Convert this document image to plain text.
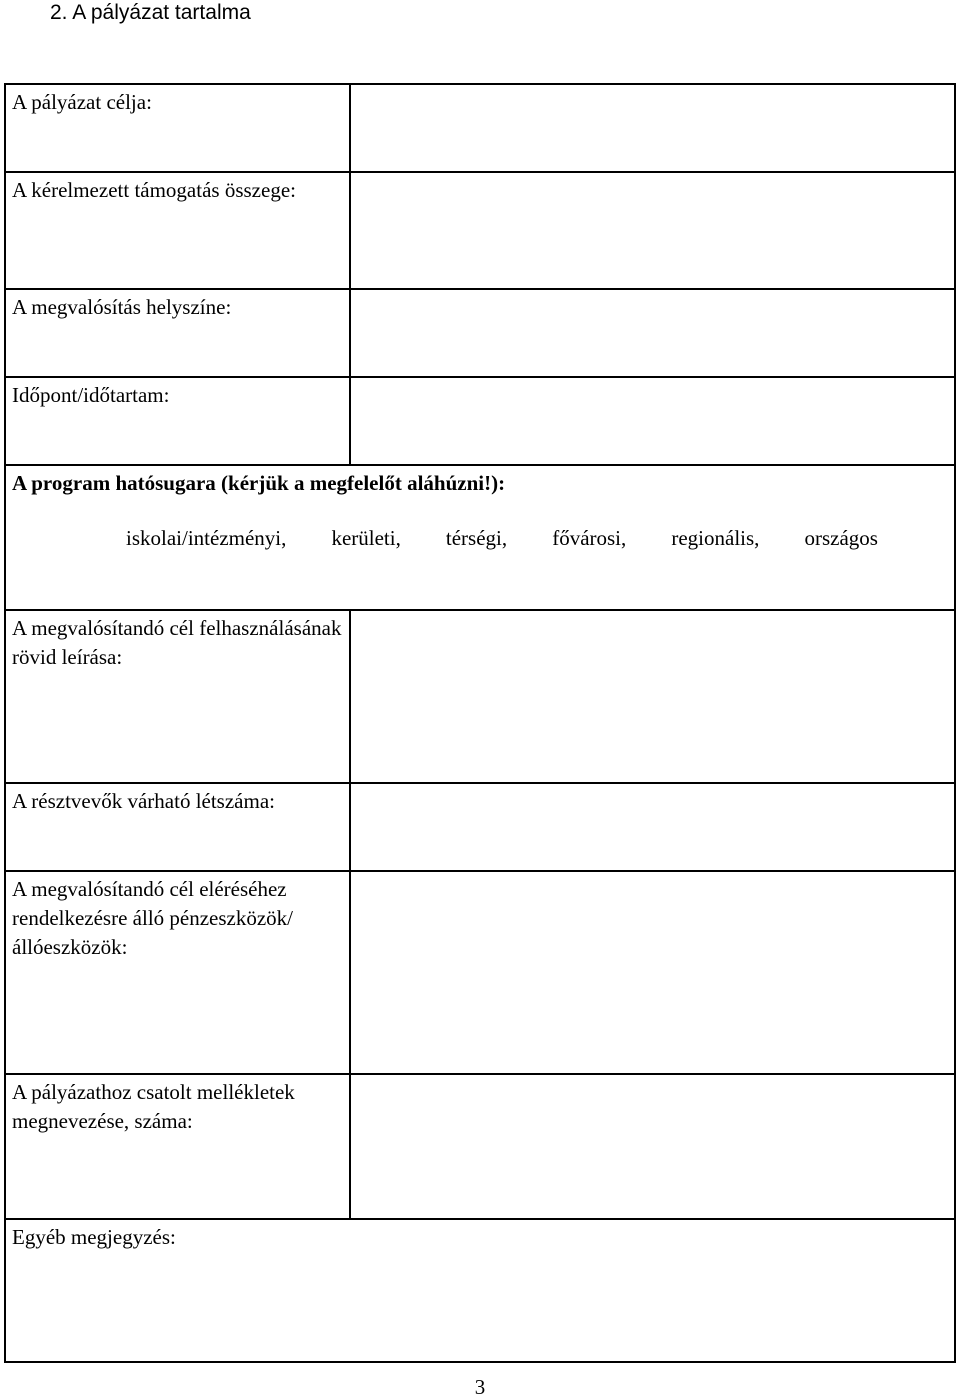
2. A pályázat tartalma
A pályázat célja:
A kérelmezett támogatás összege:
A megvalósítás helyszíne:
Időpont/időtartam:
A program hatósugara (kérjük a megfelelőt aláhúzni!):
iskolai/intézményi, kerületi, térségi, fővárosi, regionális, országos
A megvalósítandó cél felhasználásának rövid leírása:
A résztvevők várható létszáma:
A megvalósítandó cél eléréséhez rendelkezésre álló pénzeszközök/állóeszközök:
A pályázathoz csatolt mellékletek megnevezése, száma:
Egyéb megjegyzés:
3
